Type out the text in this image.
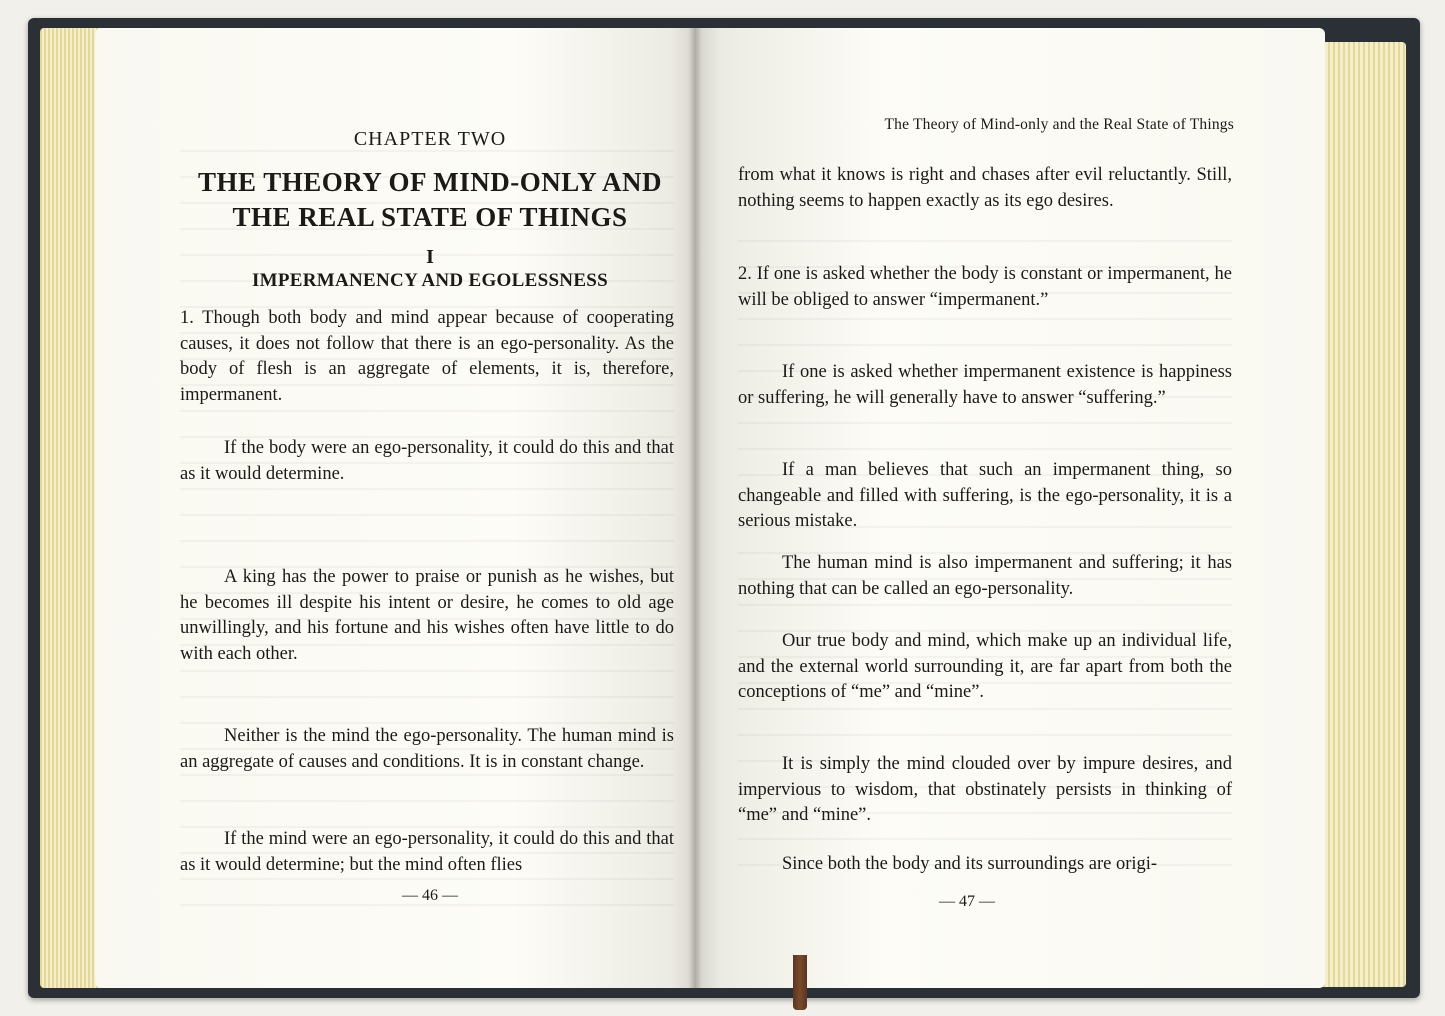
CHAPTER TWO
THE THEORY OF MIND-ONLY AND THE REAL STATE OF THINGS
I
IMPERMANENCY AND EGOLESSNESS

1. Though both body and mind appear because of cooperating causes, it does not follow that there is an ego-personality. As the body of flesh is an aggregate of elements, it is, therefore, impermanent.

If the body were an ego-personality, it could do this and that as it would determine.

A king has the power to praise or punish as he wishes, but he becomes ill despite his intent or desire, he comes to old age unwillingly, and his fortune and his wishes often have little to do with each other.

Neither is the mind the ego-personality. The human mind is an aggregate of causes and conditions. It is in constant change.

If the mind were an ego-personality, it could do this and that as it would determine; but the mind often flies

— 46 —
The Theory of Mind-only and the Real State of Things

from what it knows is right and chases after evil reluctantly. Still, nothing seems to happen exactly as its ego desires.

2. If one is asked whether the body is constant or impermanent, he will be obliged to answer “impermanent.”

If one is asked whether impermanent existence is happiness or suffering, he will generally have to answer “suffering.”

If a man believes that such an impermanent thing, so changeable and filled with suffering, is the ego-personality, it is a serious mistake.

The human mind is also impermanent and suffering; it has nothing that can be called an ego-personality.

Our true body and mind, which make up an individual life, and the external world surrounding it, are far apart from both the conceptions of “me” and “mine”.

It is simply the mind clouded over by impure desires, and impervious to wisdom, that obstinately persists in thinking of “me” and “mine”.

Since both the body and its surroundings are origi-

— 47 —
